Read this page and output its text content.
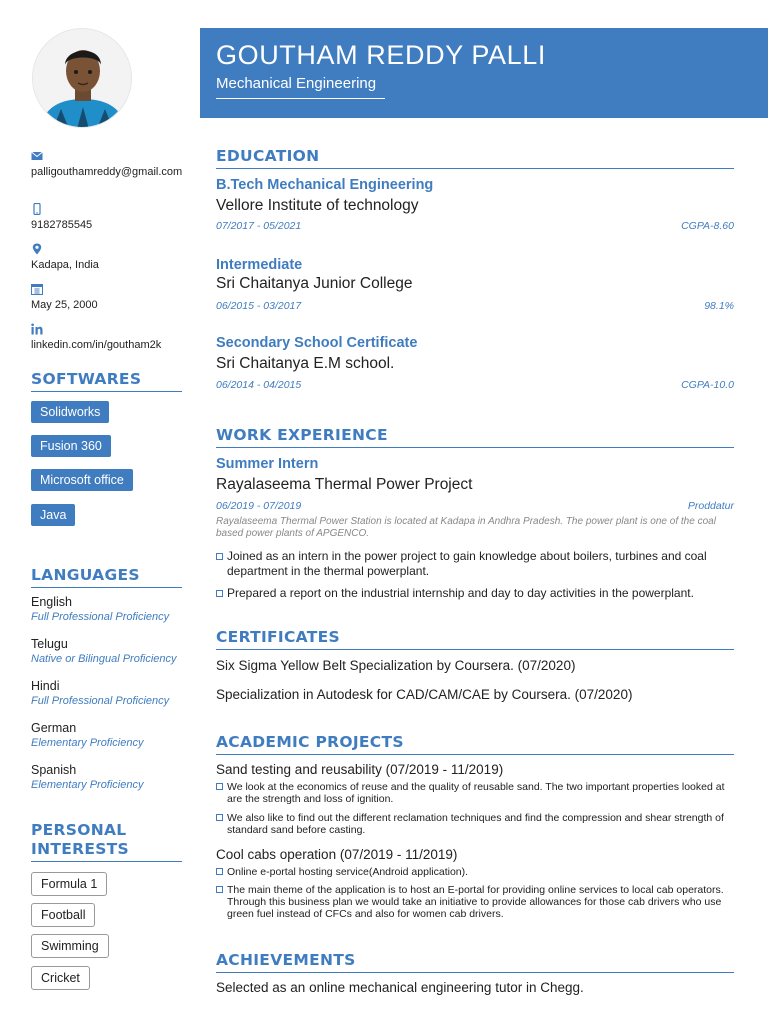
palligouthamreddy@gmail.com
9182785545
Kadapa, India
May 25, 2000
linkedin.com/in/goutham2k
SOFTWARES
Solidworks
Fusion 360
Microsoft office
Java
LANGUAGES
English
Full Professional Proficiency
Telugu
Native or Bilingual Proficiency
Hindi
Full Professional Proficiency
German
Elementary Proficiency
Spanish
Elementary Proficiency
PERSONAL
INTERESTS
Formula 1
Football
Swimming
Cricket
GOUTHAM REDDY PALLI
Mechanical Engineering
EDUCATION
B.Tech Mechanical Engineering
Vellore Institute of technology
07/2017 - 05/2021	CGPA-8.60
Intermediate
Sri Chaitanya Junior College
06/2015 - 03/2017	98.1%
Secondary School Certificate
Sri Chaitanya E.M school.
06/2014 - 04/2015	CGPA-10.0
WORK EXPERIENCE
Summer Intern
Rayalaseema Thermal Power Project
06/2019 - 07/2019	Proddatur
Rayalaseema Thermal Power Station is located at Kadapa in Andhra Pradesh. The power plant is one of the coal based power plants of APGENCO.
Joined as an intern in the power project to gain knowledge about boilers, turbines and coal department in the thermal powerplant.
Prepared a report on the industrial internship and day to day activities in the powerplant.
CERTIFICATES
Six Sigma Yellow Belt Specialization by Coursera. (07/2020)
Specialization in Autodesk for CAD/CAM/CAE by Coursera. (07/2020)
ACADEMIC PROJECTS
Sand testing and reusability (07/2019 - 11/2019)
We look at the economics of reuse and the quality of reusable sand. The two important properties looked at are the strength and loss of ignition.
We also like to find out the different reclamation techniques and find the compression and shear strength of standard sand before casting.
Cool cabs operation (07/2019 - 11/2019)
Online e-portal hosting service(Android application).
The main theme of the application is to host an E-portal for providing online services to local cab operators. Through this business plan we would take an initiative to provide allowances for those cab drivers who use green fuel instead of CFCs and also for women cab drivers.
ACHIEVEMENTS
Selected as an online mechanical engineering tutor in Chegg.
